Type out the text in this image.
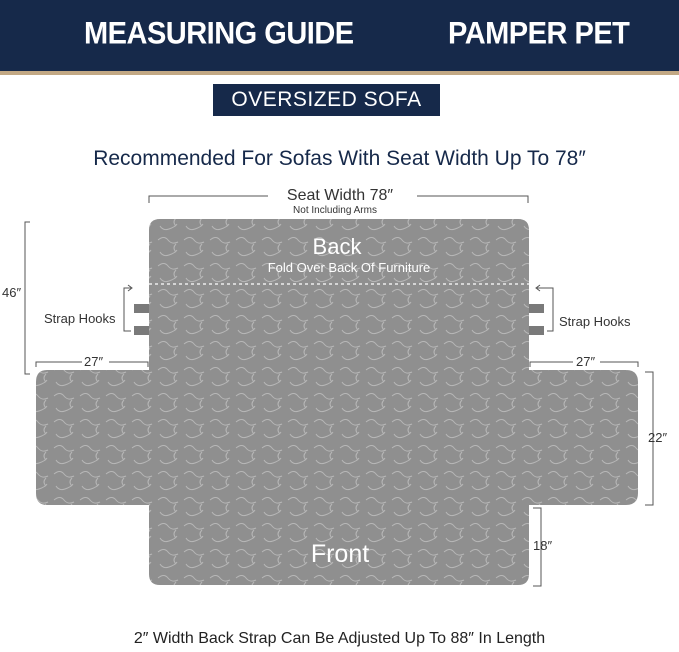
MEASURING GUIDE	PAMPER PET
OVERSIZED SOFA
Recommended For Sofas With Seat Width Up To 78″
Seat Width 78″
Not Including Arms
Back
Fold Over Back Of Furniture
Front
46″
27″	27″
22″
18″
Strap Hooks	Strap Hooks
2″ Width Back Strap Can Be Adjusted Up To 88″ In Length
